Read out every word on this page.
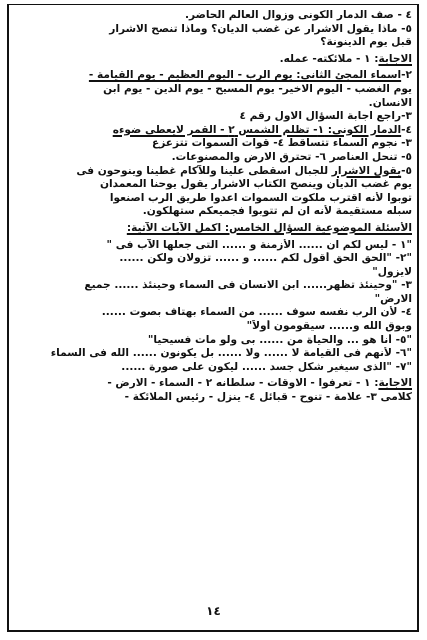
٤ - صف الدمار الكونى وزوال العالم الحاضر.
٥- ماذا يقول الاشرار عن غضب الديان؟ وماذا تنصح الاشرار
قبل يوم الدينونة؟
الاجابة: ١ - ملائكته- عمله.
٢-اسماء المجئ الثانى: يوم الرب - اليوم العظيم - يوم القيامة -
يوم الغضب - اليوم الاخير- يوم المسيح - يوم الدين - يوم ابن
الانسان.
٣-راجع اجابة السؤال الاول رقم ٤
٤-الدمار الكونى: ١- تظلم الشمس ٢ - القمر لايعطى ضوءه
٣- نجوم السماء تتساقط ٤- قوات السموات تتزعزع
٥- تنحل العناصر ٦- تحترق الارض والمصنوعات.
٥-يقول الاشرار للجبال اسقطى علينا وللآكام غطينا وينوحون فى
يوم غضب الديان وينصح الكتاب الاشرار يقول يوحنا المعمدان
توبوا لأنه اقترب ملكوت السموات اعدوا طريق الرب اصنعوا
سبله مستقيمة لأنه ان لم تتوبوا فجميعكم ستهلكون.
الأسئلة الموضوعية السؤال الخامس: اكمل الآيات الآتية:
"١ - ليس لكم ان ...... الأزمنة و ...... التى جعلها الآب فى "
"٢- "الحق الحق أقول لكم ...... و ...... تزولان ولكن ......
لايزول"
٣- "وحينئذ تظهر...... ابن الانسان فى السماء وحينئذ ...... جميع
الارض"
٤- لأن الرب نفسه سوف ...... من السماء بهتاف بصوت ......
وبوق الله و...... سيقومون أولاً"
"٥- أنا هو ... والحياة من ...... بى ولو مات فسيحيا"
"٦- لأنهم فى القيامة لا ...... ولا ...... بل يكونون ...... الله فى السماء
"٧- "الذى سيغير شكل جسد ...... ليكون على صورة ......
الاجابة: ١ - تعرفوا - الاوقات - سلطانه ٢ - السماء - الارض -
كلامى ٣- علامة - تنوح - قبائل ٤- ينزل - رئيس الملائكة -
١٤
